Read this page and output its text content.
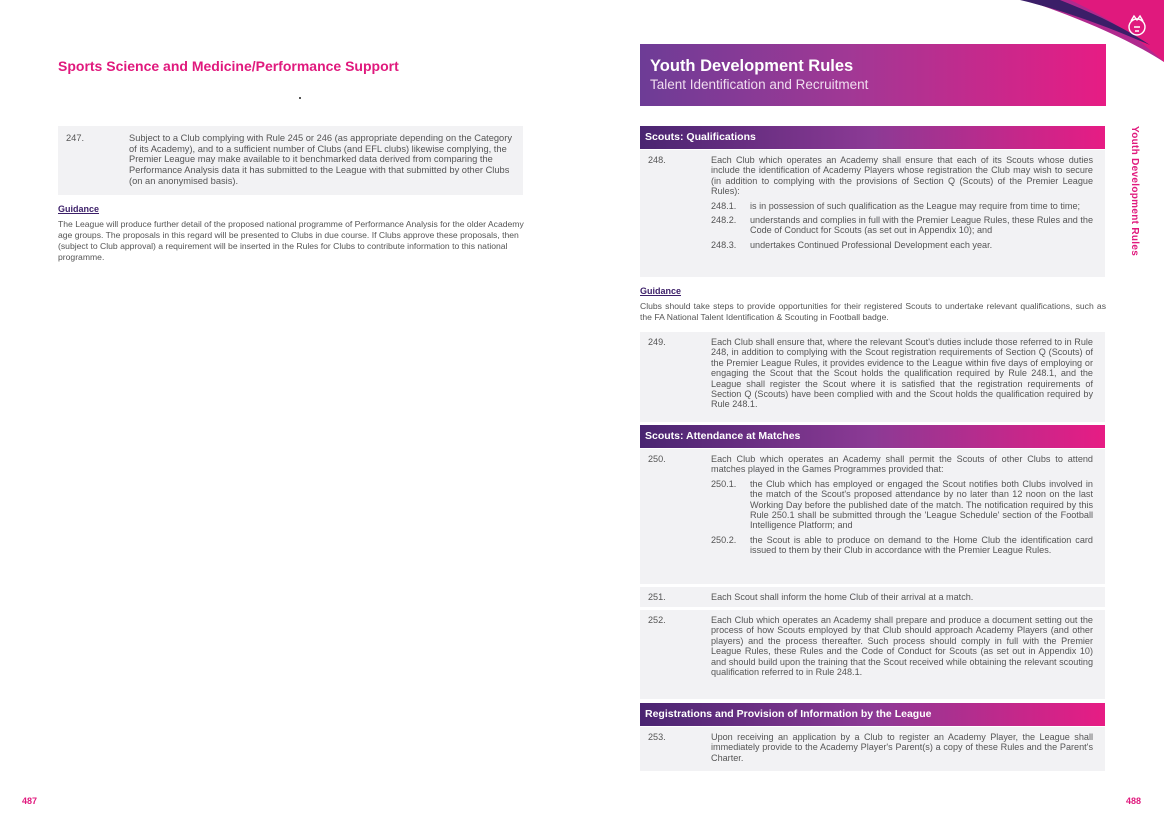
Sports Science and Medicine/Performance Support
247.	Subject to a Club complying with Rule 245 or 246 (as appropriate depending on the Category of its Academy), and to a sufficient number of Clubs (and EFL clubs) likewise complying, the Premier League may make available to it benchmarked data derived from comparing the Performance Analysis data it has submitted to the League with that submitted by other Clubs (on an anonymised basis).
Guidance
The League will produce further detail of the proposed national programme of Performance Analysis for the older Academy age groups. The proposals in this regard will be presented to Clubs in due course. If Clubs approve these proposals, then (subject to Club approval) a requirement will be inserted in the Rules for Clubs to contribute information to this national programme.
487
Youth Development Rules
Talent Identification and Recruitment
Youth Development Rules
Scouts: Qualifications
248.	Each Club which operates an Academy shall ensure that each of its Scouts whose duties include the identification of Academy Players whose registration the Club may wish to secure (in addition to complying with the provisions of Section Q (Scouts) of the Premier League Rules):
248.1.	is in possession of such qualification as the League may require from time to time;
248.2.	understands and complies in full with the Premier League Rules, these Rules and the Code of Conduct for Scouts (as set out in Appendix 10); and
248.3.	undertakes Continued Professional Development each year.
Guidance
Clubs should take steps to provide opportunities for their registered Scouts to undertake relevant qualifications, such as the FA National Talent Identification & Scouting in Football badge.
249.	Each Club shall ensure that, where the relevant Scout's duties include those referred to in Rule 248, in addition to complying with the Scout registration requirements of Section Q (Scouts) of the Premier League Rules, it provides evidence to the League within five days of employing or engaging the Scout that the Scout holds the qualification required by Rule 248.1, and the League shall register the Scout where it is satisfied that the registration requirements of Section Q (Scouts) have been complied with and the Scout holds the qualification required by Rule 248.1.
Scouts: Attendance at Matches
250.	Each Club which operates an Academy shall permit the Scouts of other Clubs to attend matches played in the Games Programmes provided that:
250.1.	the Club which has employed or engaged the Scout notifies both Clubs involved in the match of the Scout's proposed attendance by no later than 12 noon on the last Working Day before the published date of the match. The notification required by this Rule 250.1 shall be submitted through the 'League Schedule' section of the Football Intelligence Platform; and
250.2.	the Scout is able to produce on demand to the Home Club the identification card issued to them by their Club in accordance with the Premier League Rules.
251.	Each Scout shall inform the home Club of their arrival at a match.
252.	Each Club which operates an Academy shall prepare and produce a document setting out the process of how Scouts employed by that Club should approach Academy Players (and other players) and the process thereafter. Such process should comply in full with the Premier League Rules, these Rules and the Code of Conduct for Scouts (as set out in Appendix 10) and should build upon the training that the Scout received while obtaining the relevant scouting qualification referred to in Rule 248.1.
Registrations and Provision of Information by the League
253.	Upon receiving an application by a Club to register an Academy Player, the League shall immediately provide to the Academy Player's Parent(s) a copy of these Rules and the Parent's Charter.
488
